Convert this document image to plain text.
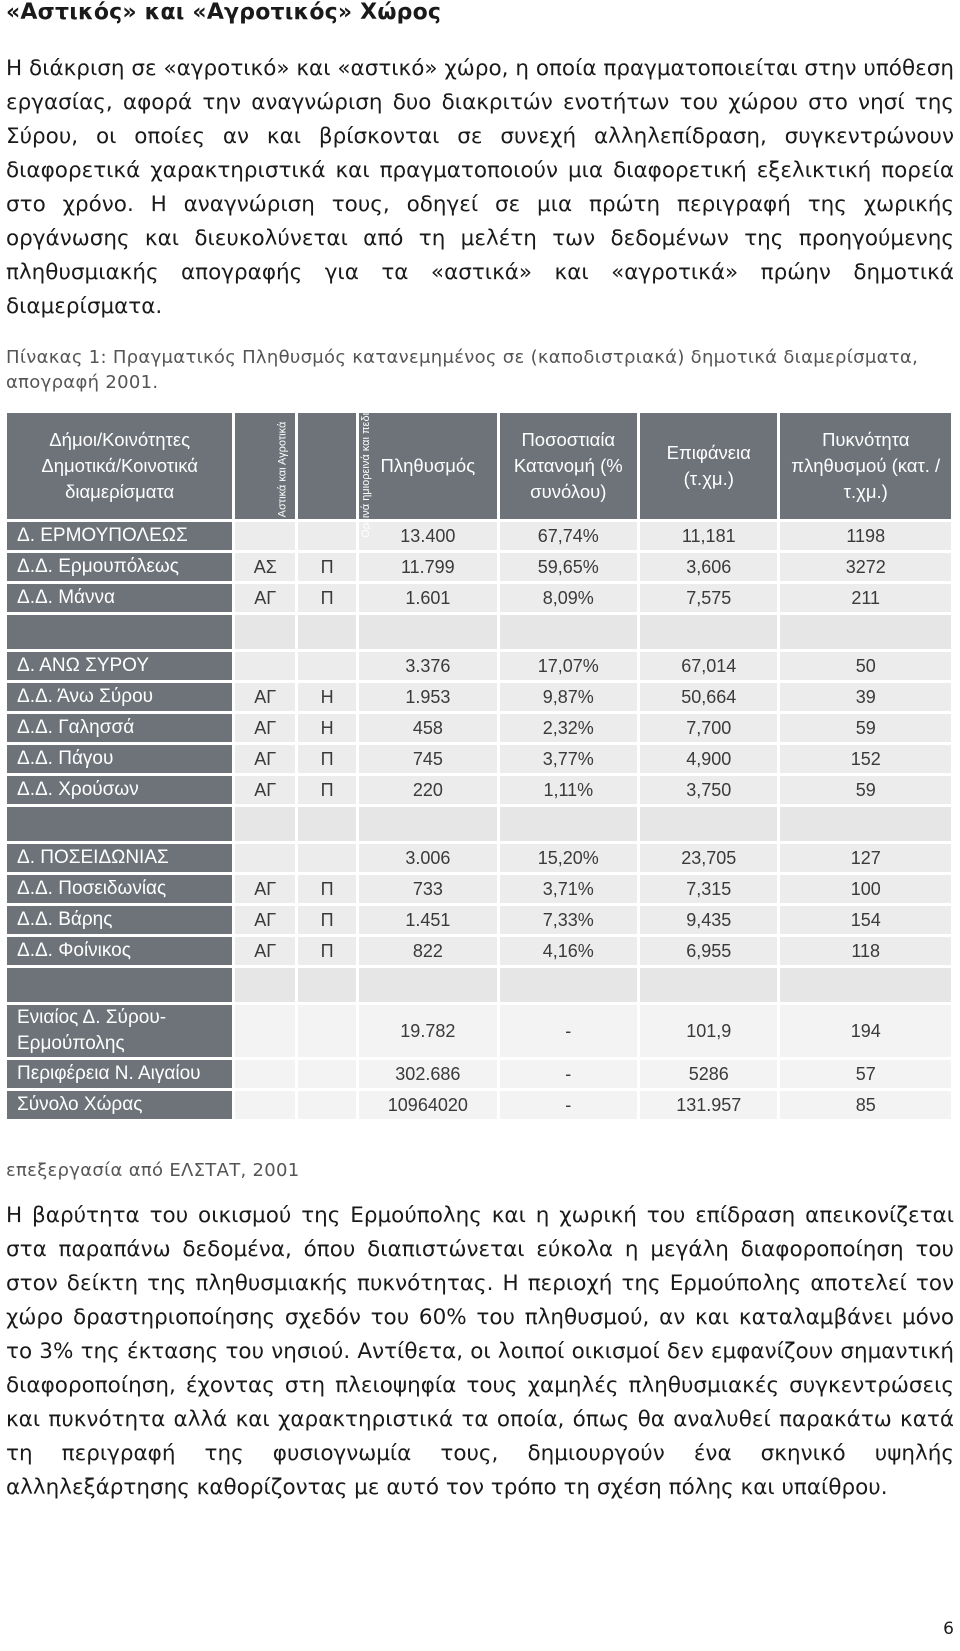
«Αστικός» και «Αγροτικός» Χώρος

Η διάκριση σε «αγροτικό» και «αστικό» χώρο, η οποία πραγματοποιείται στην υπόθεση εργασίας, αφορά την αναγνώριση δυο διακριτών ενοτήτων του χώρου στο νησί της Σύρου, οι οποίες αν και βρίσκονται σε συνεχή αλληλεπίδραση, συγκεντρώνουν διαφορετικά χαρακτηριστικά και πραγματοποιούν μια διαφορετική εξελικτική πορεία στο χρόνο. Η αναγνώριση τους, οδηγεί σε μια πρώτη περιγραφή της χωρικής οργάνωσης και διευκολύνεται από τη μελέτη των δεδομένων της προηγούμενης πληθυσμιακής απογραφής για τα «αστικά» και «αγροτικά» πρώην δημοτικά διαμερίσματα.

Πίνακας 1: Πραγματικός Πληθυσμός κατανεμημένος σε (καποδιστριακά) δημοτικά διαμερίσματα, απογραφή 2001.

Δήμοι/Κοινότητες Δημοτικά/Κοινοτικά διαμερίσματα	Αστικά και Αγροτικά	Ορεινά ημιορεινά και πεδινά	Πληθυσμός	Ποσοστιαία Κατανομή (% συνόλου)	Επιφάνεια (τ.χμ.)	Πυκνότητα πληθυσμού (κατ. / τ.χμ.)
Δ. ΕΡΜΟΥΠΟΛΕΩΣ			13.400	67,74%	11,181	1198
Δ.Δ. Ερμουπόλεως	ΑΣ	Π	11.799	59,65%	3,606	3272
Δ.Δ. Μάννα	ΑΓ	Π	1.601	8,09%	7,575	211

Δ. ΑΝΩ ΣΥΡΟΥ			3.376	17,07%	67,014	50
Δ.Δ. Άνω Σύρου	ΑΓ	Η	1.953	9,87%	50,664	39
Δ.Δ. Γαλησσά	ΑΓ	Η	458	2,32%	7,700	59
Δ.Δ. Πάγου	ΑΓ	Π	745	3,77%	4,900	152
Δ.Δ. Χρούσων	ΑΓ	Π	220	1,11%	3,750	59

Δ. ΠΟΣΕΙΔΩΝΙΑΣ			3.006	15,20%	23,705	127
Δ.Δ. Ποσειδωνίας	ΑΓ	Π	733	3,71%	7,315	100
Δ.Δ. Βάρης	ΑΓ	Π	1.451	7,33%	9,435	154
Δ.Δ. Φοίνικος	ΑΓ	Π	822	4,16%	6,955	118

Ενιαίος Δ. Σύρου-Ερμούπολης			19.782	-	101,9	194
Περιφέρεια Ν. Αιγαίου			302.686	-	5286	57
Σύνολο Χώρας			10964020	-	131.957	85

επεξεργασία από ΕΛΣΤΑΤ, 2001

Η βαρύτητα του οικισμού της Ερμούπολης και η χωρική του επίδραση απεικονίζεται στα παραπάνω δεδομένα, όπου διαπιστώνεται εύκολα η μεγάλη διαφοροποίηση του στον δείκτη της πληθυσμιακής πυκνότητας. Η περιοχή της Ερμούπολης αποτελεί τον χώρο δραστηριοποίησης σχεδόν του 60% του πληθυσμού, αν και καταλαμβάνει μόνο το 3% της έκτασης του νησιού. Αντίθετα, οι λοιποί οικισμοί δεν εμφανίζουν σημαντική διαφοροποίηση, έχοντας στη πλειοψηφία τους χαμηλές πληθυσμιακές συγκεντρώσεις και πυκνότητα αλλά και χαρακτηριστικά τα οποία, όπως θα αναλυθεί παρακάτω κατά τη περιγραφή της φυσιογνωμία τους, δημιουργούν ένα σκηνικό υψηλής αλληλεξάρτησης καθορίζοντας με αυτό τον τρόπο τη σχέση πόλης και υπαίθρου.

6
